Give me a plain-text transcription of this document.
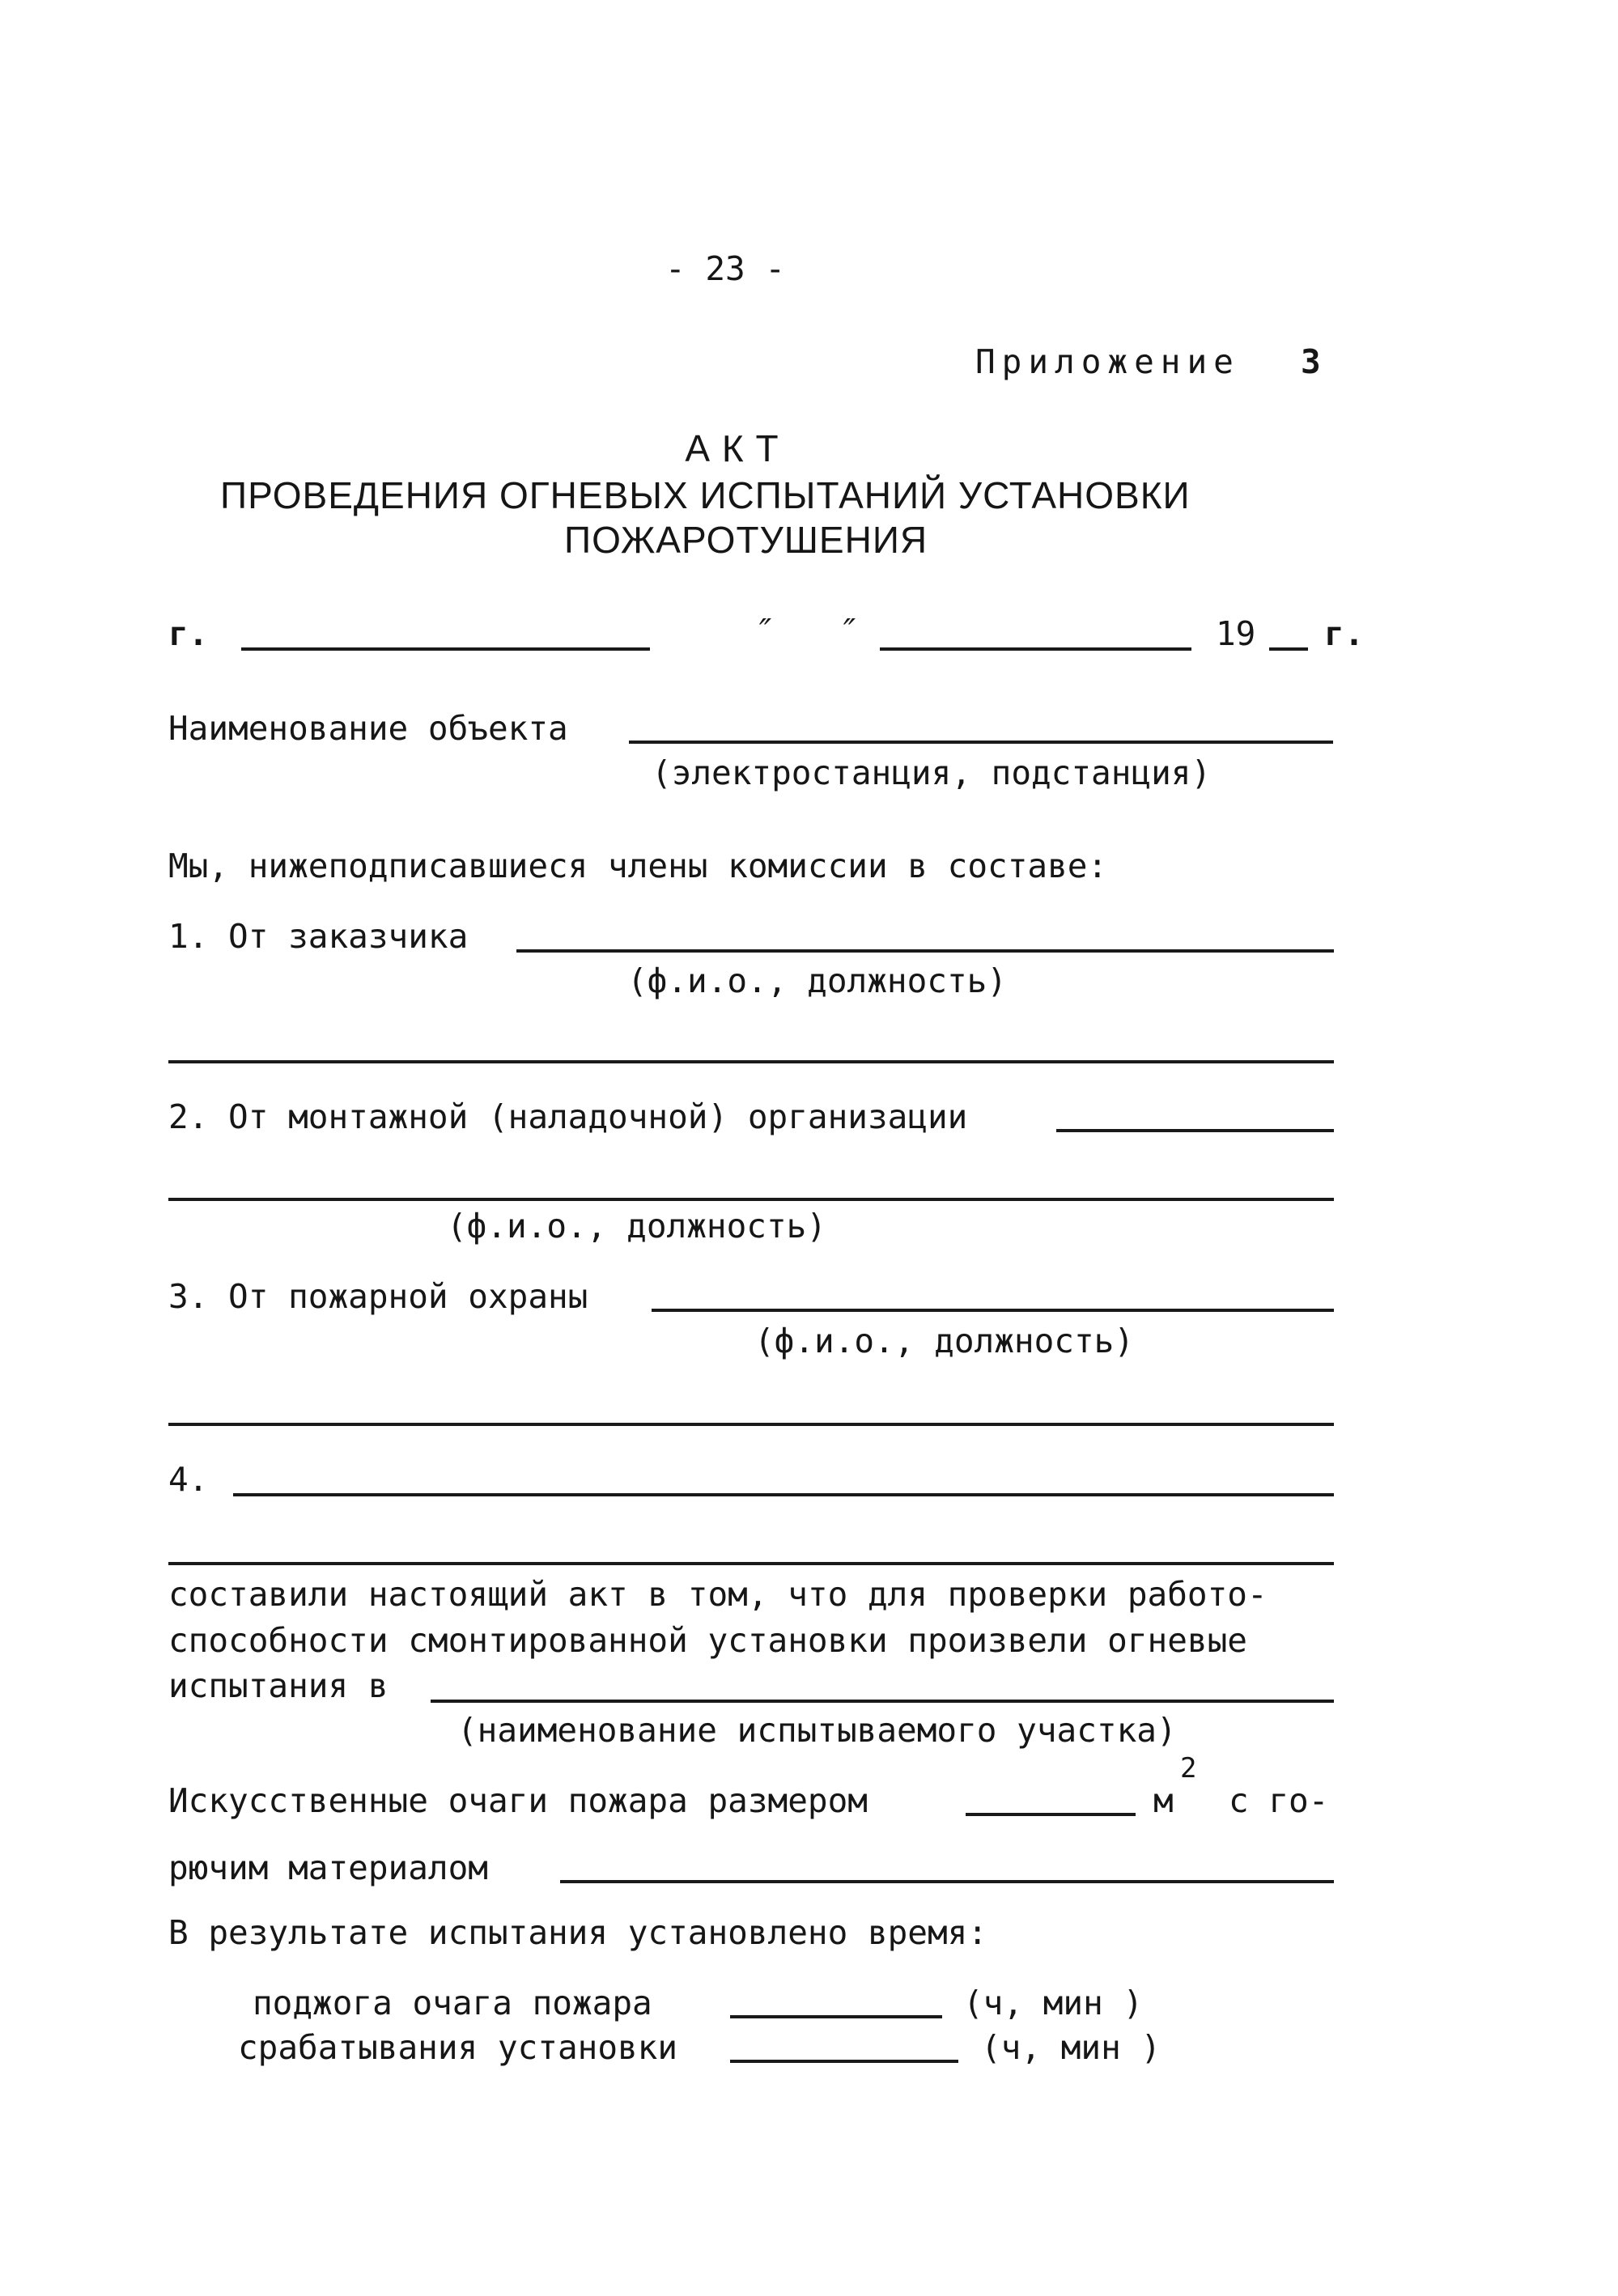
- 23 -
Приложение 3
А К Т
ПРОВЕДЕНИЯ ОГНЕВЫХ ИСПЫТАНИЙ УСТАНОВКИ
ПОЖАРОТУШЕНИЯ
г.	″ ″	19 г.
Наименование объекта
(электростанция, подстанция)
Мы, нижеподписавшиеся члены комиссии в составе:
1. От заказчика
(ф.и.о., должность)
2. От монтажной (наладочной) организации
(ф.и.о., должность)
3. От пожарной охраны
(ф.и.о., должность)
4.
составили настоящий акт в том, что для проверки работо-
способности смонтированной установки произвели огневые
испытания в
(наименование испытываемого участка)
Искусственные очаги пожара размером	м
2
с го-
рючим материалом
В результате испытания установлено время:
поджога очага пожара	(ч, мин )
срабатывания установки	(ч, мин )
